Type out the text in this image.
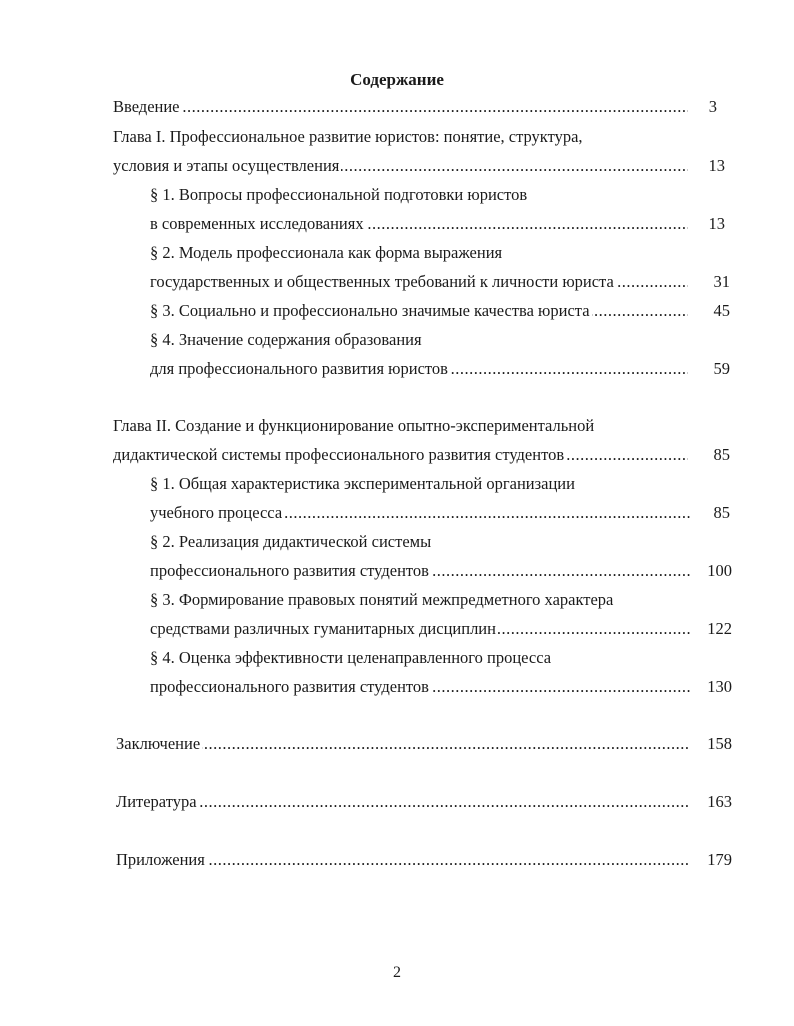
Содержание
Введение .....	3
Глава I. Профессиональное развитие юристов: понятие, структура,
условия и этапы осуществления .....	13
§ 1. Вопросы профессиональной подготовки юристов
в современных исследованиях .....	13
§ 2. Модель профессионала как форма выражения
государственных и общественных требований к личности юриста .....	31
§ 3. Социально и профессионально значимые качества юриста .....	45
§ 4. Значение содержания образования
для профессионального развития юристов .....	59
Глава II. Создание и функционирование опытно-экспериментальной
дидактической системы профессионального развития студентов .....	85
§ 1. Общая характеристика экспериментальной организации
учебного процесса .....	85
§ 2. Реализация дидактической системы
профессионального развития студентов .....	100
§ 3. Формирование правовых понятий межпредметного характера
средствами различных гуманитарных дисциплин .....	122
§ 4. Оценка эффективности целенаправленного процесса
профессионального развития студентов .....	130
Заключение .....	158
Литература .....	163
Приложения .....	179
2
